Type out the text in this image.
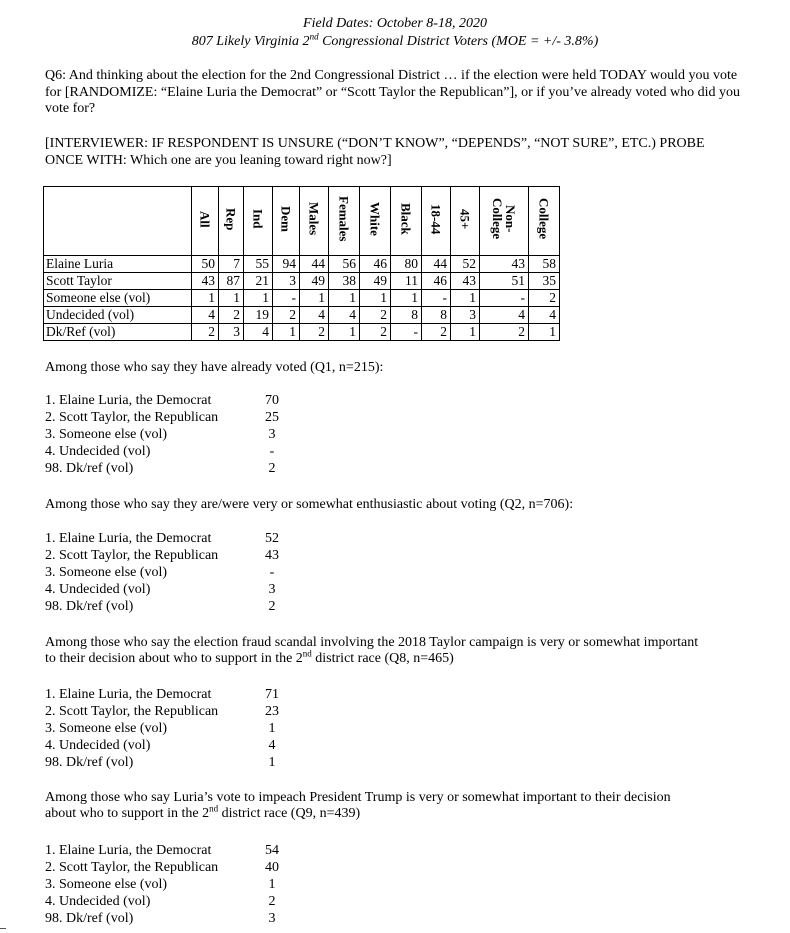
Field Dates: October 8-18, 2020
807 Likely Virginia 2nd Congressional District Voters (MOE = +/- 3.8%)
Q6: And thinking about the election for the 2nd Congressional District … if the election were held TODAY would you vote for [RANDOMIZE: “Elaine Luria the Democrat” or “Scott Taylor the Republican”], or if you’ve already voted who did you vote for?
[INTERVIEWER: IF RESPONDENT IS UNSURE (“DON’T KNOW”, “DEPENDS”, “NOT SURE”, ETC.) PROBE ONCE WITH: Which one are you leaning toward right now?]
	All	Rep	Ind	Dem	Males	Females	White	Black	18-44	45+	Non-College	College
Elaine Luria	50	7	55	94	44	56	46	80	44	52	43	58
Scott Taylor	43	87	21	3	49	38	49	11	46	43	51	35
Someone else (vol)	1	1	1	-	1	1	1	1	-	1	-	2
Undecided (vol)	4	2	19	2	4	4	2	8	8	3	4	4
Dk/Ref (vol)	2	3	4	1	2	1	2	-	2	1	2	1
Among those who say they have already voted (Q1, n=215):
1. Elaine Luria, the Democrat	70
2. Scott Taylor, the Republican	25
3. Someone else (vol)	3
4. Undecided (vol)	-
98. Dk/ref (vol)	2
Among those who say they are/were very or somewhat enthusiastic about voting (Q2, n=706):
1. Elaine Luria, the Democrat	52
2. Scott Taylor, the Republican	43
3. Someone else (vol)	-
4. Undecided (vol)	3
98. Dk/ref (vol)	2
Among those who say the election fraud scandal involving the 2018 Taylor campaign is very or somewhat important
to their decision about who to support in the 2nd district race (Q8, n=465)
1. Elaine Luria, the Democrat	71
2. Scott Taylor, the Republican	23
3. Someone else (vol)	1
4. Undecided (vol)	4
98. Dk/ref (vol)	1
Among those who say Luria’s vote to impeach President Trump is very or somewhat important to their decision
about who to support in the 2nd district race (Q9, n=439)
1. Elaine Luria, the Democrat	54
2. Scott Taylor, the Republican	40
3. Someone else (vol)	1
4. Undecided (vol)	2
98. Dk/ref (vol)	3
